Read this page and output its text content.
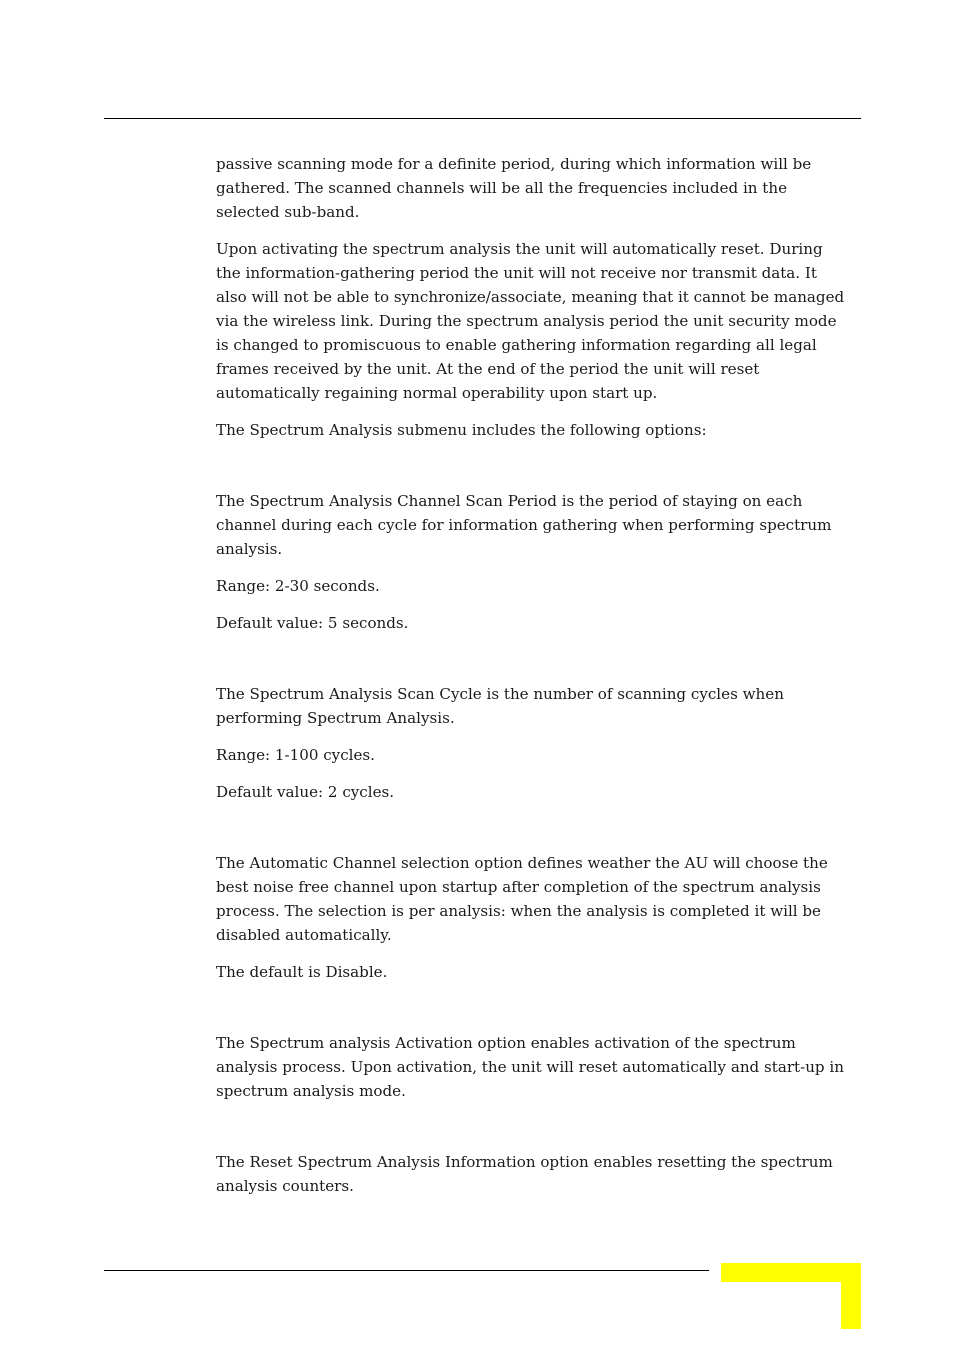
passive scanning mode for a definite period, during which information will be gathered. The scanned channels will be all the frequencies included in the selected sub-band.

Upon activating the spectrum analysis the unit will automatically reset. During the information-gathering period the unit will not receive nor transmit data. It also will not be able to synchronize/associate, meaning that it cannot be managed via the wireless link. During the spectrum analysis period the unit security mode is changed to promiscuous to enable gathering information regarding all legal frames received by the unit. At the end of the period the unit will reset automatically regaining normal operability upon start up.

The Spectrum Analysis submenu includes the following options:

The Spectrum Analysis Channel Scan Period is the period of staying on each channel during each cycle for information gathering when performing spectrum analysis.

Range: 2-30 seconds.

Default value: 5 seconds.

The Spectrum Analysis Scan Cycle is the number of scanning cycles when performing Spectrum Analysis.

Range: 1-100 cycles.

Default value: 2 cycles.

The Automatic Channel selection option defines weather the AU will choose the best noise free channel upon startup after completion of the spectrum analysis process. The selection is per analysis: when the analysis is completed it will be disabled automatically.

The default is Disable.

The Spectrum analysis Activation option enables activation of the spectrum analysis process. Upon activation, the unit will reset automatically and start-up in spectrum analysis mode.

The Reset Spectrum Analysis Information option enables resetting the spectrum analysis counters.
